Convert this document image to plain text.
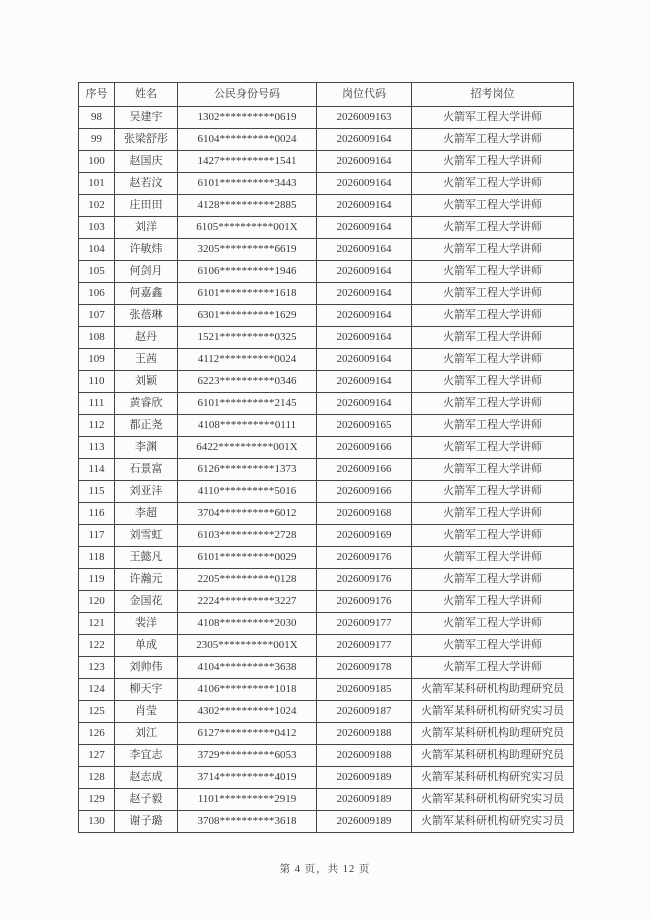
序号	姓名	公民身份号码	岗位代码	招考岗位
98	吴建宇	1302**********0619	2026009163	火箭军工程大学讲师
99	张梁舒彤	6104**********0024	2026009164	火箭军工程大学讲师
100	赵国庆	1427**********1541	2026009164	火箭军工程大学讲师
101	赵若汶	6101**********3443	2026009164	火箭军工程大学讲师
102	庄田田	4128**********2885	2026009164	火箭军工程大学讲师
103	刘洋	6105**********001X	2026009164	火箭军工程大学讲师
104	许敏炜	3205**********6619	2026009164	火箭军工程大学讲师
105	何剑月	6106**********1946	2026009164	火箭军工程大学讲师
106	何嘉鑫	6101**********1618	2026009164	火箭军工程大学讲师
107	张蓓琳	6301**********1629	2026009164	火箭军工程大学讲师
108	赵丹	1521**********0325	2026009164	火箭军工程大学讲师
109	王茜	4112**********0024	2026009164	火箭军工程大学讲师
110	刘颖	6223**********0346	2026009164	火箭军工程大学讲师
111	黄睿欣	6101**********2145	2026009164	火箭军工程大学讲师
112	都正尧	4108**********0111	2026009165	火箭军工程大学讲师
113	李渊	6422**********001X	2026009166	火箭军工程大学讲师
114	石景富	6126**********1373	2026009166	火箭军工程大学讲师
115	刘亚沣	4110**********5016	2026009166	火箭军工程大学讲师
116	李超	3704**********6012	2026009168	火箭军工程大学讲师
117	刘雪虹	6103**********2728	2026009169	火箭军工程大学讲师
118	王懿凡	6101**********0029	2026009176	火箭军工程大学讲师
119	许瀚元	2205**********0128	2026009176	火箭军工程大学讲师
120	金国花	2224**********3227	2026009176	火箭军工程大学讲师
121	裴洋	4108**********2030	2026009177	火箭军工程大学讲师
122	单成	2305**********001X	2026009177	火箭军工程大学讲师
123	刘帅伟	4104**********3638	2026009178	火箭军工程大学讲师
124	柳天宇	4106**********1018	2026009185	火箭军某科研机构助理研究员
125	肖莹	4302**********1024	2026009187	火箭军某科研机构研究实习员
126	刘江	6127**********0412	2026009188	火箭军某科研机构助理研究员
127	李宜志	3729**********6053	2026009188	火箭军某科研机构助理研究员
128	赵志成	3714**********4019	2026009189	火箭军某科研机构研究实习员
129	赵子毅	1101**********2919	2026009189	火箭军某科研机构研究实习员
130	谢子璐	3708**********3618	2026009189	火箭军某科研机构研究实习员
第 4 页，共 12 页
